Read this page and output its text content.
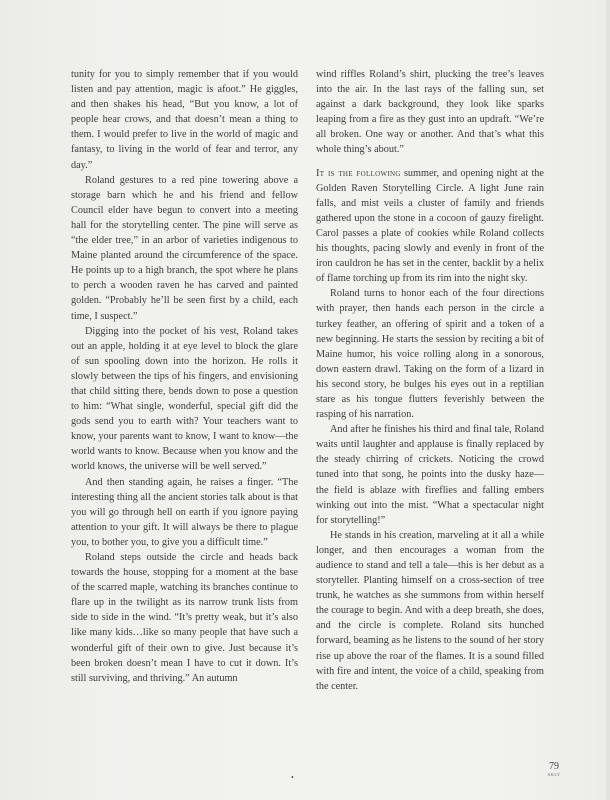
tunity for you to simply remember that if you would listen and pay attention, magic is afoot.” He giggles, and then shakes his head, “But you know, a lot of people hear crows, and that doesn’t mean a thing to them. I would prefer to live in the world of magic and fantasy, to living in the world of fear and terror, any day.”

Roland gestures to a red pine towering above a storage barn which he and his friend and fellow Council elder have begun to convert into a meeting hall for the storytelling center. The pine will serve as “the elder tree,” in an arbor of varieties indigenous to Maine planted around the circumference of the space. He points up to a high branch, the spot where he plans to perch a wooden raven he has carved and painted golden. “Probably he’ll be seen first by a child, each time, I suspect.”

Digging into the pocket of his vest, Roland takes out an apple, holding it at eye level to block the glare of sun spooling down into the horizon. He rolls it slowly between the tips of his fingers, and envisioning that child sitting there, bends down to pose a question to him: “What single, wonderful, special gift did the gods send you to earth with? Your teachers want to know, your parents want to know, I want to know—the world wants to know. Because when you know and the world knows, the universe will be well served.”

And then standing again, he raises a finger. “The interesting thing all the ancient stories talk about is that you will go through hell on earth if you ignore paying attention to your gift. It will always be there to plague you, to bother you, to give you a difficult time.”

Roland steps outside the circle and heads back towards the house, stopping for a moment at the base of the scarred maple, watching its branches continue to flare up in the twilight as its narrow trunk lists from side to side in the wind. “It’s pretty weak, but it’s also like many kids…like so many people that have such a wonderful gift of their own to give. Just because it’s been broken doesn’t mean I have to cut it down. It’s still surviving, and thriving.” An autumn

wind riffles Roland’s shirt, plucking the tree’s leaves into the air. In the last rays of the falling sun, set against a dark background, they look like sparks leaping from a fire as they gust into an updraft. “We’re all broken. One way or another. And that’s what this whole thing’s about.”

It is the following summer, and opening night at the Golden Raven Storytelling Circle. A light June rain falls, and mist veils a cluster of family and friends gathered upon the stone in a cocoon of gauzy firelight. Carol passes a plate of cookies while Roland collects his thoughts, pacing slowly and evenly in front of the iron cauldron he has set in the center, backlit by a helix of flame torching up from its rim into the night sky.

Roland turns to honor each of the four directions with prayer, then hands each person in the circle a turkey feather, an offering of spirit and a token of a new beginning. He starts the session by reciting a bit of Maine humor, his voice rolling along in a sonorous, down eastern drawl. Taking on the form of a lizard in his second story, he bulges his eyes out in a reptilian stare as his tongue flutters feverishly between the rasping of his narration.

And after he finishes his third and final tale, Roland waits until laughter and applause is finally replaced by the steady chirring of crickets. Noticing the crowd tuned into that song, he points into the dusky haze—the field is ablaze with fireflies and falling embers winking out into the mist. “What a spectacular night for storytelling!”

He stands in his creation, marveling at it all a while longer, and then encourages a woman from the audience to stand and tell a tale—this is her debut as a storyteller. Planting himself on a cross-section of tree trunk, he watches as she summons from within herself the courage to begin. And with a deep breath, she does, and the circle is complete. Roland sits hunched forward, beaming as he listens to the sound of her story rise up above the roar of the flames. It is a sound filled with fire and intent, the voice of a child, speaking from the center.

•
79
SKLT
